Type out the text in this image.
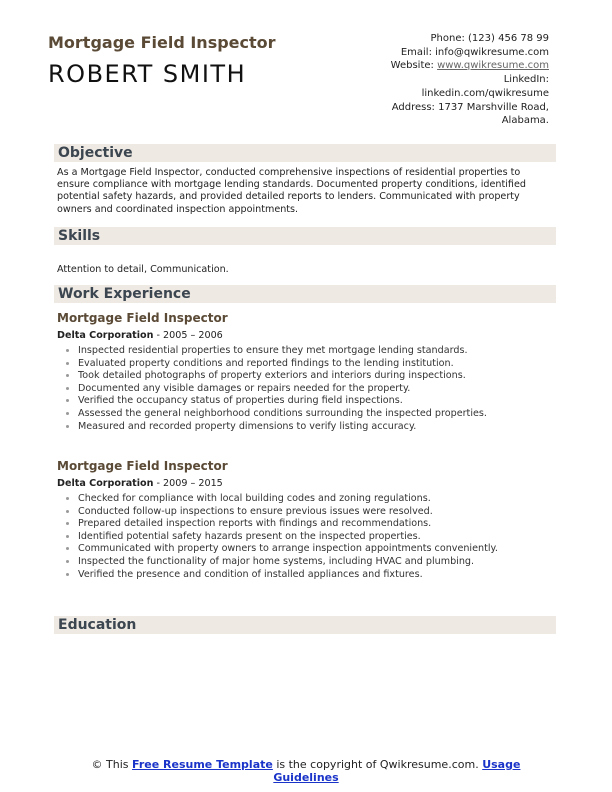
Mortgage Field Inspector
ROBERT SMITH
Phone: (123) 456 78 99
Email: info@qwikresume.com
Website: www.qwikresume.com
LinkedIn:
linkedin.com/qwikresume
Address: 1737 Marshville Road, Alabama.
Objective
As a Mortgage Field Inspector, conducted comprehensive inspections of residential properties to ensure compliance with mortgage lending standards. Documented property conditions, identified potential safety hazards, and provided detailed reports to lenders. Communicated with property owners and coordinated inspection appointments.
Skills
Attention to detail, Communication.
Work Experience
Mortgage Field Inspector
Delta Corporation - 2005 – 2006
• Inspected residential properties to ensure they met mortgage lending standards.
• Evaluated property conditions and reported findings to the lending institution.
• Took detailed photographs of property exteriors and interiors during inspections.
• Documented any visible damages or repairs needed for the property.
• Verified the occupancy status of properties during field inspections.
• Assessed the general neighborhood conditions surrounding the inspected properties.
• Measured and recorded property dimensions to verify listing accuracy.
Mortgage Field Inspector
Delta Corporation - 2009 – 2015
• Checked for compliance with local building codes and zoning regulations.
• Conducted follow-up inspections to ensure previous issues were resolved.
• Prepared detailed inspection reports with findings and recommendations.
• Identified potential safety hazards present on the inspected properties.
• Communicated with property owners to arrange inspection appointments conveniently.
• Inspected the functionality of major home systems, including HVAC and plumbing.
• Verified the presence and condition of installed appliances and fixtures.
Education
© This Free Resume Template is the copyright of Qwikresume.com. Usage Guidelines
